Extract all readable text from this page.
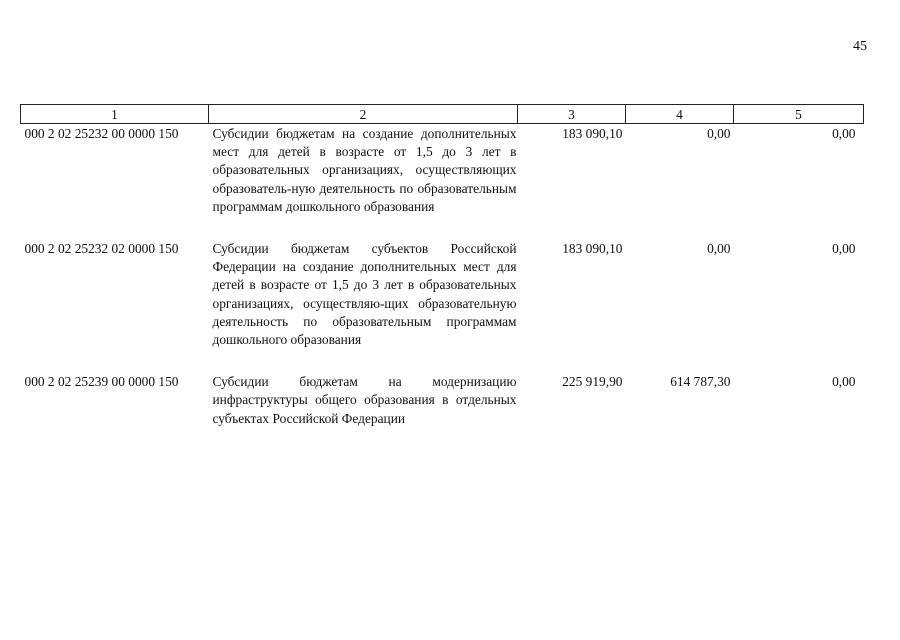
45
1	2	3	4	5
000 2 02 25232 00 0000 150	Субсидии бюджетам на создание дополнительных мест для детей в возрасте от 1,5 до 3 лет в образовательных организациях, осуществляющих образователь-ную деятельность по образовательным программам дошкольного образования	183 090,10	0,00	0,00

000 2 02 25232 02 0000 150	Субсидии бюджетам субъектов Российской Федерации на создание дополнительных мест для детей в возрасте от 1,5 до 3 лет в образовательных организациях, осуществляю-щих образовательную деятельность по образовательным программам дошкольного образования	183 090,10	0,00	0,00

000 2 02 25239 00 0000 150	Субсидии бюджетам на модернизацию инфраструктуры общего образования в отдельных субъектах Российской Федерации	225 919,90	614 787,30	0,00
